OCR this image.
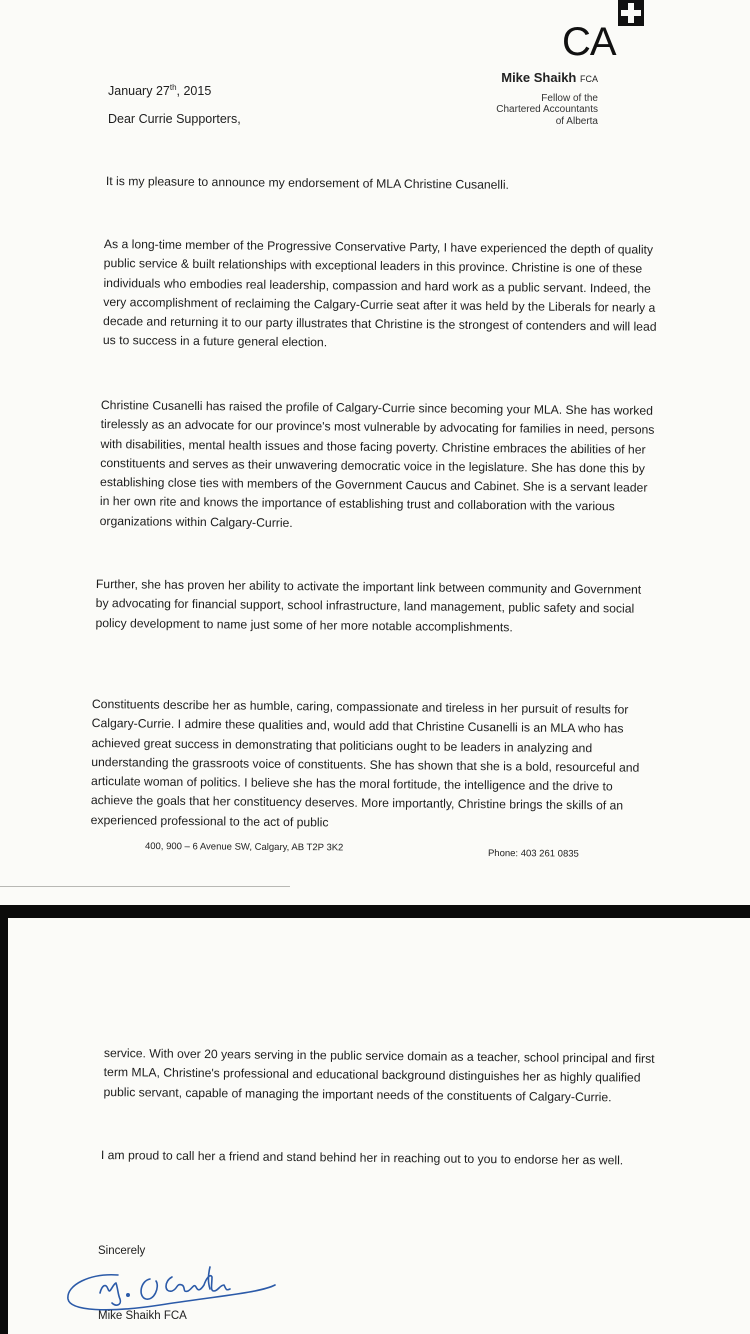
CA
Mike Shaikh FCA
Fellow of the
Chartered Accountants
of Alberta
January 27th, 2015
Dear Currie Supporters,

It is my pleasure to announce my endorsement of MLA Christine Cusanelli.

As a long-time member of the Progressive Conservative Party, I have experienced the depth of quality public service & built relationships with exceptional leaders in this province. Christine is one of these individuals who embodies real leadership, compassion and hard work as a public servant. Indeed, the very accomplishment of reclaiming the Calgary-Currie seat after it was held by the Liberals for nearly a decade and returning it to our party illustrates that Christine is the strongest of contenders and will lead us to success in a future general election.

Christine Cusanelli has raised the profile of Calgary-Currie since becoming your MLA. She has worked tirelessly as an advocate for our province's most vulnerable by advocating for families in need, persons with disabilities, mental health issues and those facing poverty. Christine embraces the abilities of her constituents and serves as their unwavering democratic voice in the legislature. She has done this by establishing close ties with members of the Government Caucus and Cabinet. She is a servant leader in her own rite and knows the importance of establishing trust and collaboration with the various organizations within Calgary-Currie.

Further, she has proven her ability to activate the important link between community and Government by advocating for financial support, school infrastructure, land management, public safety and social policy development to name just some of her more notable accomplishments.

Constituents describe her as humble, caring, compassionate and tireless in her pursuit of results for Calgary-Currie. I admire these qualities and, would add that Christine Cusanelli is an MLA who has achieved great success in demonstrating that politicians ought to be leaders in analyzing and understanding the grassroots voice of constituents. She has shown that she is a bold, resourceful and articulate woman of politics. I believe she has the moral fortitude, the intelligence and the drive to achieve the goals that her constituency deserves. More importantly, Christine brings the skills of an experienced professional to the act of public

400, 900 – 6 Avenue SW, Calgary, AB T2P 3K2
Phone: 403 261 0835

service. With over 20 years serving in the public service domain as a teacher, school principal and first term MLA, Christine's professional and educational background distinguishes her as highly qualified public servant, capable of managing the important needs of the constituents of Calgary-Currie.

I am proud to call her a friend and stand behind her in reaching out to you to endorse her as well.

Sincerely
Mike Shaikh FCA
